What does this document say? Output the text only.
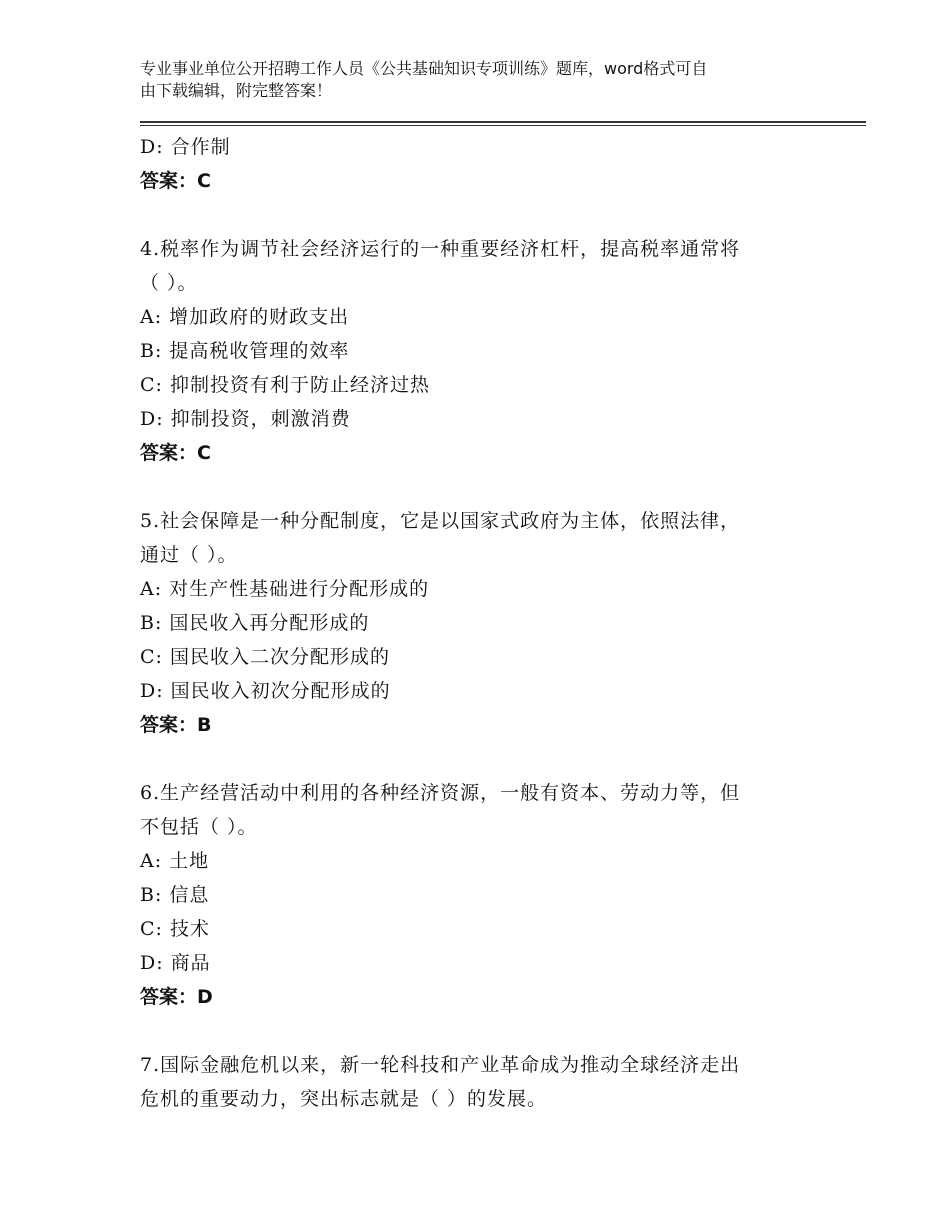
专业事业单位公开招聘工作人员《公共基础知识专项训练》题库，word格式可自
由下载编辑，附完整答案！
D: 合作制
答案：C
4.税率作为调节社会经济运行的一种重要经济杠杆，提高税率通常将
（ ）。
A: 增加政府的财政支出
B: 提高税收管理的效率
C: 抑制投资有利于防止经济过热
D: 抑制投资，刺激消费
答案：C
5.社会保障是一种分配制度，它是以国家式政府为主体，依照法律，
通过（ ）。
A: 对生产性基础进行分配形成的
B: 国民收入再分配形成的
C: 国民收入二次分配形成的
D: 国民收入初次分配形成的
答案：B
6.生产经营活动中利用的各种经济资源，一般有资本、劳动力等，但
不包括（ ）。
A: 土地
B: 信息
C: 技术
D: 商品
答案：D
7.国际金融危机以来，新一轮科技和产业革命成为推动全球经济走出
危机的重要动力，突出标志就是（ ）的发展。
